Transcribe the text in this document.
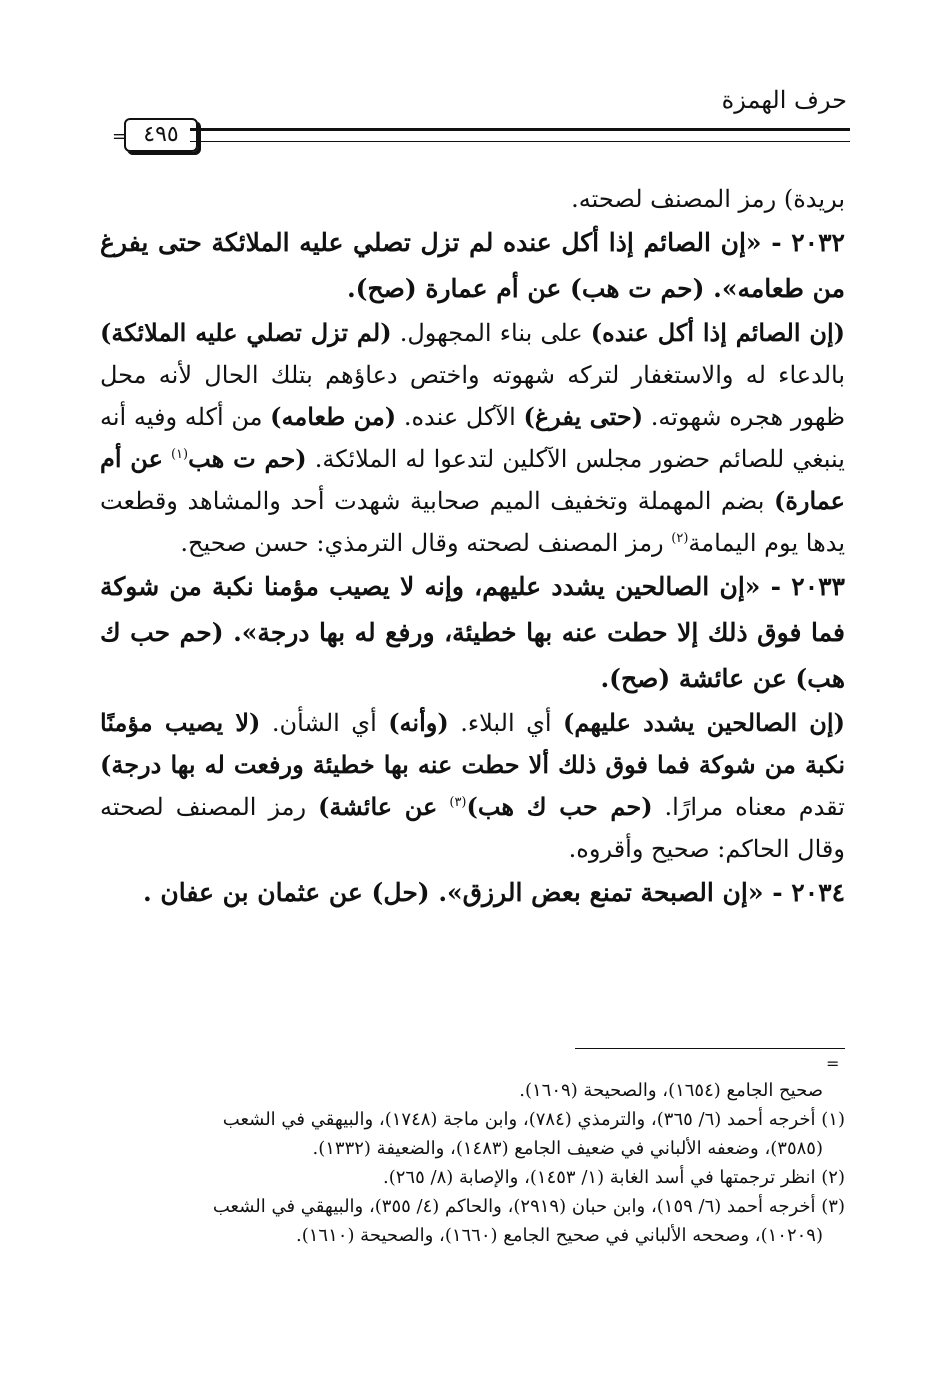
حرف الهمزة
= ٤٩٥

بريدة) رمز المصنف لصحته.

٢٠٣٢ - «إن الصائم إذا أكل عنده لم تزل تصلي عليه الملائكة حتى يفرغ من طعامه». (حم ت هب) عن أم عمارة (صح).

(إن الصائم إذا أكل عنده) على بناء المجهول. (لم تزل تصلي عليه الملائكة) بالدعاء له والاستغفار لتركه شهوته واختص دعاؤهم بتلك الحال لأنه محل ظهور هجره شهوته. (حتى يفرغ) الآكل عنده. (من طعامه) من أكله وفيه أنه ينبغي للصائم حضور مجلس الآكلين لتدعوا له الملائكة. (حم ت هب$^{(١)}$ عن أم عمارة) بضم المهملة وتخفيف الميم صحابية شهدت أحد والمشاهد وقطعت يدها يوم اليمامة$^{(٢)}$ رمز المصنف لصحته وقال الترمذي: حسن صحيح.

٢٠٣٣ - «إن الصالحين يشدد عليهم، وإنه لا يصيب مؤمنا نكبة من شوكة فما فوق ذلك إلا حطت عنه بها خطيئة، ورفع له بها درجة». (حم حب ك هب) عن عائشة (صح).

(إن الصالحين يشدد عليهم) أي البلاء. (وأنه) أي الشأن. (لا يصيب مؤمنًا نكبة من شوكة فما فوق ذلك ألا حطت عنه بها خطيئة ورفعت له بها درجة) تقدم معناه مرارًا. (حم حب ك هب)$^{(٣)}$ عن عائشة) رمز المصنف لصحته وقال الحاكم: صحيح وأقروه.

٢٠٣٤ - «إن الصبحة تمنع بعض الرزق». (حل) عن عثمان بن عفان .

=

صحيح الجامع (١٦٥٤)، والصحيحة (١٦٠٩).

(١) أخرجه أحمد (٦/ ٣٦٥)، والترمذي (٧٨٤)، وابن ماجة (١٧٤٨)، والبيهقي في الشعب

(٣٥٨٥)، وضعفه الألباني في ضعيف الجامع (١٤٨٣)، والضعيفة (١٣٣٢).

(٢) انظر ترجمتها في أسد الغابة (١/ ١٤٥٣)، والإصابة (٨/ ٢٦٥).

(٣) أخرجه أحمد (٦/ ١٥٩)، وابن حبان (٢٩١٩)، والحاكم (٤/ ٣٥٥)، والبيهقي في الشعب

(١٠٢٠٩)، وصححه الألباني في صحيح الجامع (١٦٦٠)، والصحيحة (١٦١٠).
